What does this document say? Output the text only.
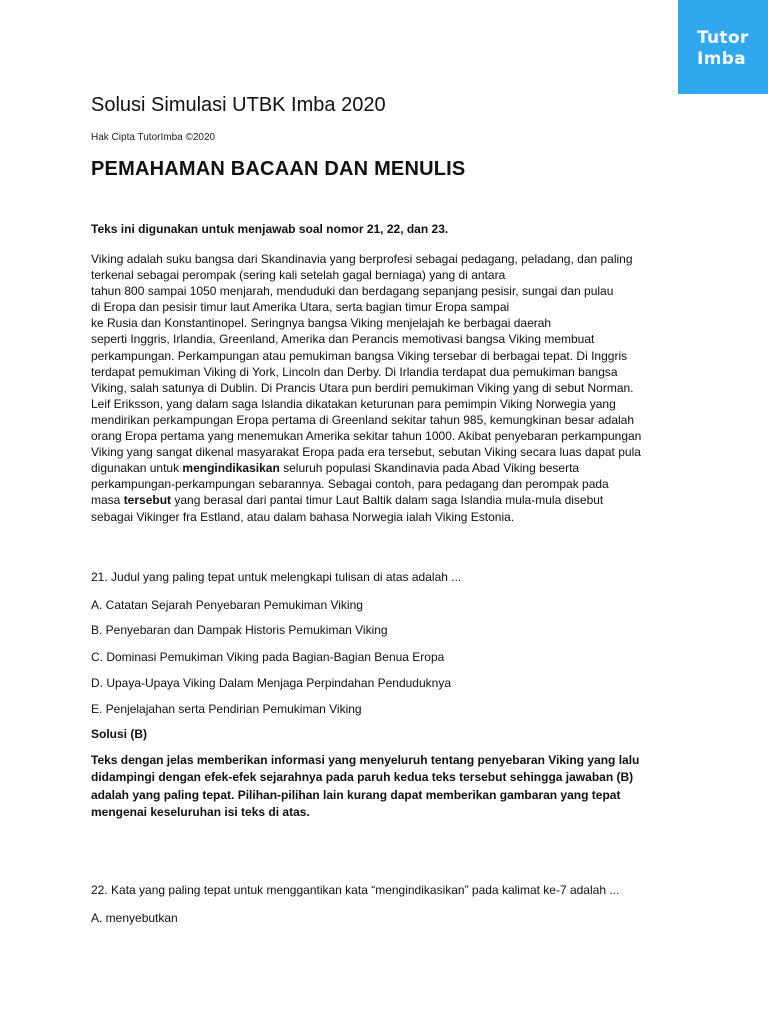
Tutor
Imba
Solusi Simulasi UTBK Imba 2020
Hak Cipta TutorImba ©2020
PEMAHAMAN BACAAN DAN MENULIS
Teks ini digunakan untuk menjawab soal nomor 21, 22, dan 23.
Viking adalah suku bangsa dari Skandinavia yang berprofesi sebagai pedagang, peladang, dan paling
terkenal sebagai perompak (sering kali setelah gagal berniaga) yang di antara
tahun 800 sampai 1050 menjarah, menduduki dan berdagang sepanjang pesisir, sungai dan pulau
di Eropa dan pesisir timur laut Amerika Utara, serta bagian timur Eropa sampai
ke Rusia dan Konstantinopel. Seringnya bangsa Viking menjelajah ke berbagai daerah
seperti Inggris, Irlandia, Greenland, Amerika dan Perancis memotivasi bangsa Viking membuat
perkampungan. Perkampungan atau pemukiman bangsa Viking tersebar di berbagai tepat. Di Inggris
terdapat pemukiman Viking di York, Lincoln dan Derby. Di Irlandia terdapat dua pemukiman bangsa
Viking, salah satunya di Dublin. Di Prancis Utara pun berdiri pemukiman Viking yang di sebut Norman.
Leif Eriksson, yang dalam saga Islandia dikatakan keturunan para pemimpin Viking Norwegia yang
mendirikan perkampungan Eropa pertama di Greenland sekitar tahun 985, kemungkinan besar adalah
orang Eropa pertama yang menemukan Amerika sekitar tahun 1000. Akibat penyebaran perkampungan
Viking yang sangat dikenal masyarakat Eropa pada era tersebut, sebutan Viking secara luas dapat pula
digunakan untuk mengindikasikan seluruh populasi Skandinavia pada Abad Viking beserta
perkampungan-perkampungan sebarannya. Sebagai contoh, para pedagang dan perompak pada
masa tersebut yang berasal dari pantai timur Laut Baltik dalam saga Islandia mula-mula disebut
sebagai Vikinger fra Estland, atau dalam bahasa Norwegia ialah Viking Estonia.
21. Judul yang paling tepat untuk melengkapi tulisan di atas adalah ...
A. Catatan Sejarah Penyebaran Pemukiman Viking
B. Penyebaran dan Dampak Historis Pemukiman Viking
C. Dominasi Pemukiman Viking pada Bagian-Bagian Benua Eropa
D. Upaya-Upaya Viking Dalam Menjaga Perpindahan Penduduknya
E. Penjelajahan serta Pendirian Pemukiman Viking
Solusi (B)
Teks dengan jelas memberikan informasi yang menyeluruh tentang penyebaran Viking yang lalu
didampingi dengan efek-efek sejarahnya pada paruh kedua teks tersebut sehingga jawaban (B)
adalah yang paling tepat. Pilihan-pilihan lain kurang dapat memberikan gambaran yang tepat
mengenai keseluruhan isi teks di atas.
22. Kata yang paling tepat untuk menggantikan kata “mengindikasikan” pada kalimat ke-7 adalah ...
A. menyebutkan
